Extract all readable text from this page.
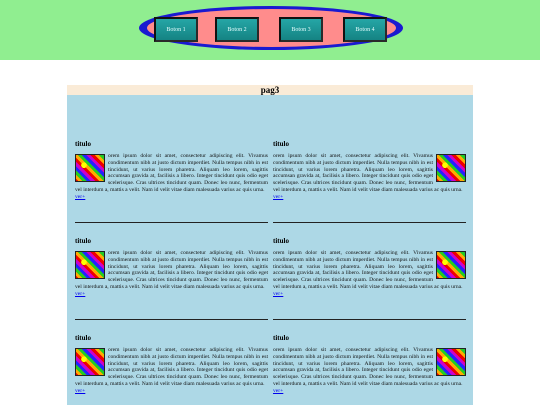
Boton 1	Boton 2	Boton 3	Boton 4
pag3
titulo
orem ipsum dolor sit amet, consectetur adipiscing elit. Vivamus condimentum nibh at justo dictum imperdiet. Nulla tempus nibh in est tincidunt, ut varius lorem pharetra. Aliquam leo lorem, sagittis accumsan gravida at, facilisis a libero. Integer tincidunt quis odio eget scelerisque. Cras ultrices tincidunt quam. Donec leo nunc, fermentum vel interdum a, mattis a velit. Nam id velit vitae diam malesuada varius ac quis urna.
ver+
titulo
orem ipsum dolor sit amet, consectetur adipiscing elit. Vivamus condimentum nibh at justo dictum imperdiet. Nulla tempus nibh in est tincidunt, ut varius lorem pharetra. Aliquam leo lorem, sagittis accumsan gravida at, facilisis a libero. Integer tincidunt quis odio eget scelerisque. Cras ultrices tincidunt quam. Donec leo nunc, fermentum vel interdum a, mattis a velit. Nam id velit vitae diam malesuada varius ac quis urna.
ver+
titulo
orem ipsum dolor sit amet, consectetur adipiscing elit. Vivamus condimentum nibh at justo dictum imperdiet. Nulla tempus nibh in est tincidunt, ut varius lorem pharetra. Aliquam leo lorem, sagittis accumsan gravida at, facilisis a libero. Integer tincidunt quis odio eget scelerisque. Cras ultrices tincidunt quam. Donec leo nunc, fermentum vel interdum a, mattis a velit. Nam id velit vitae diam malesuada varius ac quis urna.
ver+
titulo
orem ipsum dolor sit amet, consectetur adipiscing elit. Vivamus condimentum nibh at justo dictum imperdiet. Nulla tempus nibh in est tincidunt, ut varius lorem pharetra. Aliquam leo lorem, sagittis accumsan gravida at, facilisis a libero. Integer tincidunt quis odio eget scelerisque. Cras ultrices tincidunt quam. Donec leo nunc, fermentum vel interdum a, mattis a velit. Nam id velit vitae diam malesuada varius ac quis urna.
ver+
titulo
orem ipsum dolor sit amet, consectetur adipiscing elit. Vivamus condimentum nibh at justo dictum imperdiet. Nulla tempus nibh in est tincidunt, ut varius lorem pharetra. Aliquam leo lorem, sagittis accumsan gravida at, facilisis a libero. Integer tincidunt quis odio eget scelerisque. Cras ultrices tincidunt quam. Donec leo nunc, fermentum vel interdum a, mattis a velit. Nam id velit vitae diam malesuada varius ac quis urna.
ver+
titulo
orem ipsum dolor sit amet, consectetur adipiscing elit. Vivamus condimentum nibh at justo dictum imperdiet. Nulla tempus nibh in est tincidunt, ut varius lorem pharetra. Aliquam leo lorem, sagittis accumsan gravida at, facilisis a libero. Integer tincidunt quis odio eget scelerisque. Cras ultrices tincidunt quam. Donec leo nunc, fermentum vel interdum a, mattis a velit. Nam id velit vitae diam malesuada varius ac quis urna.
ver+
